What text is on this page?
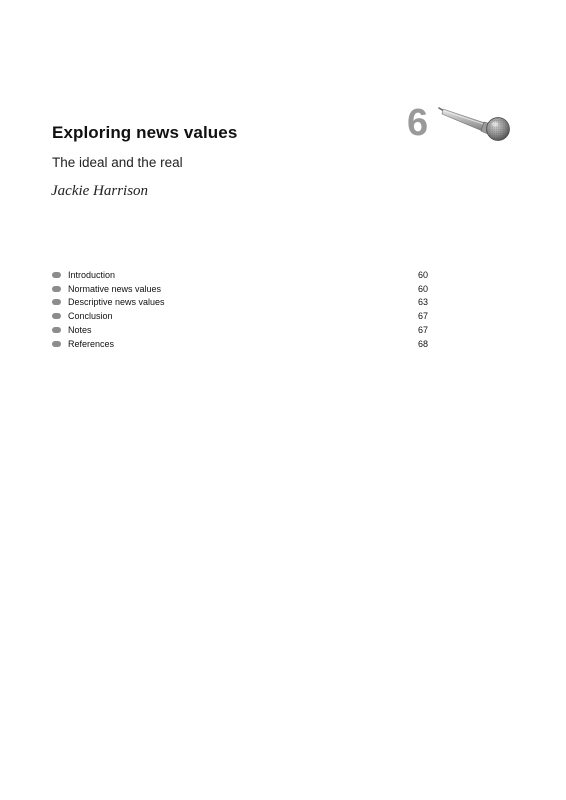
Exploring news values
The ideal and the real
Jackie Harrison
6
Introduction	60
Normative news values	60
Descriptive news values	63
Conclusion	67
Notes	67
References	68
